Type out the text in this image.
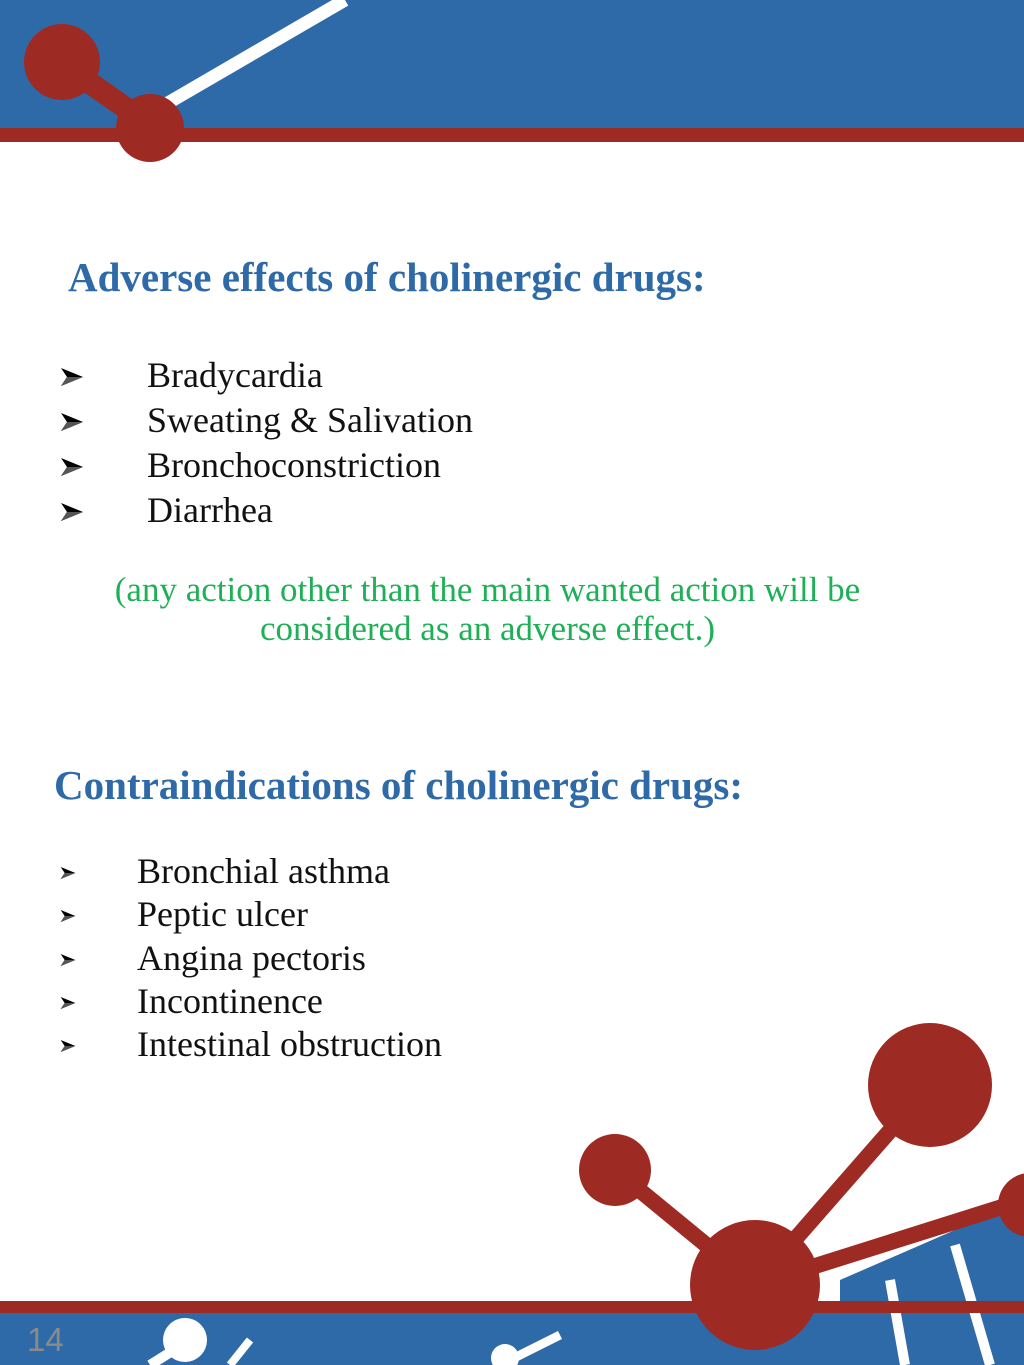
Adverse effects of cholinergic drugs:
Bradycardia
Sweating & Salivation
Bronchoconstriction
Diarrhea

(any action other than the main wanted action will be considered as an adverse effect.)

Contraindications of cholinergic drugs:
Bronchial asthma
Peptic ulcer
Angina pectoris
Incontinence
Intestinal obstruction
14
